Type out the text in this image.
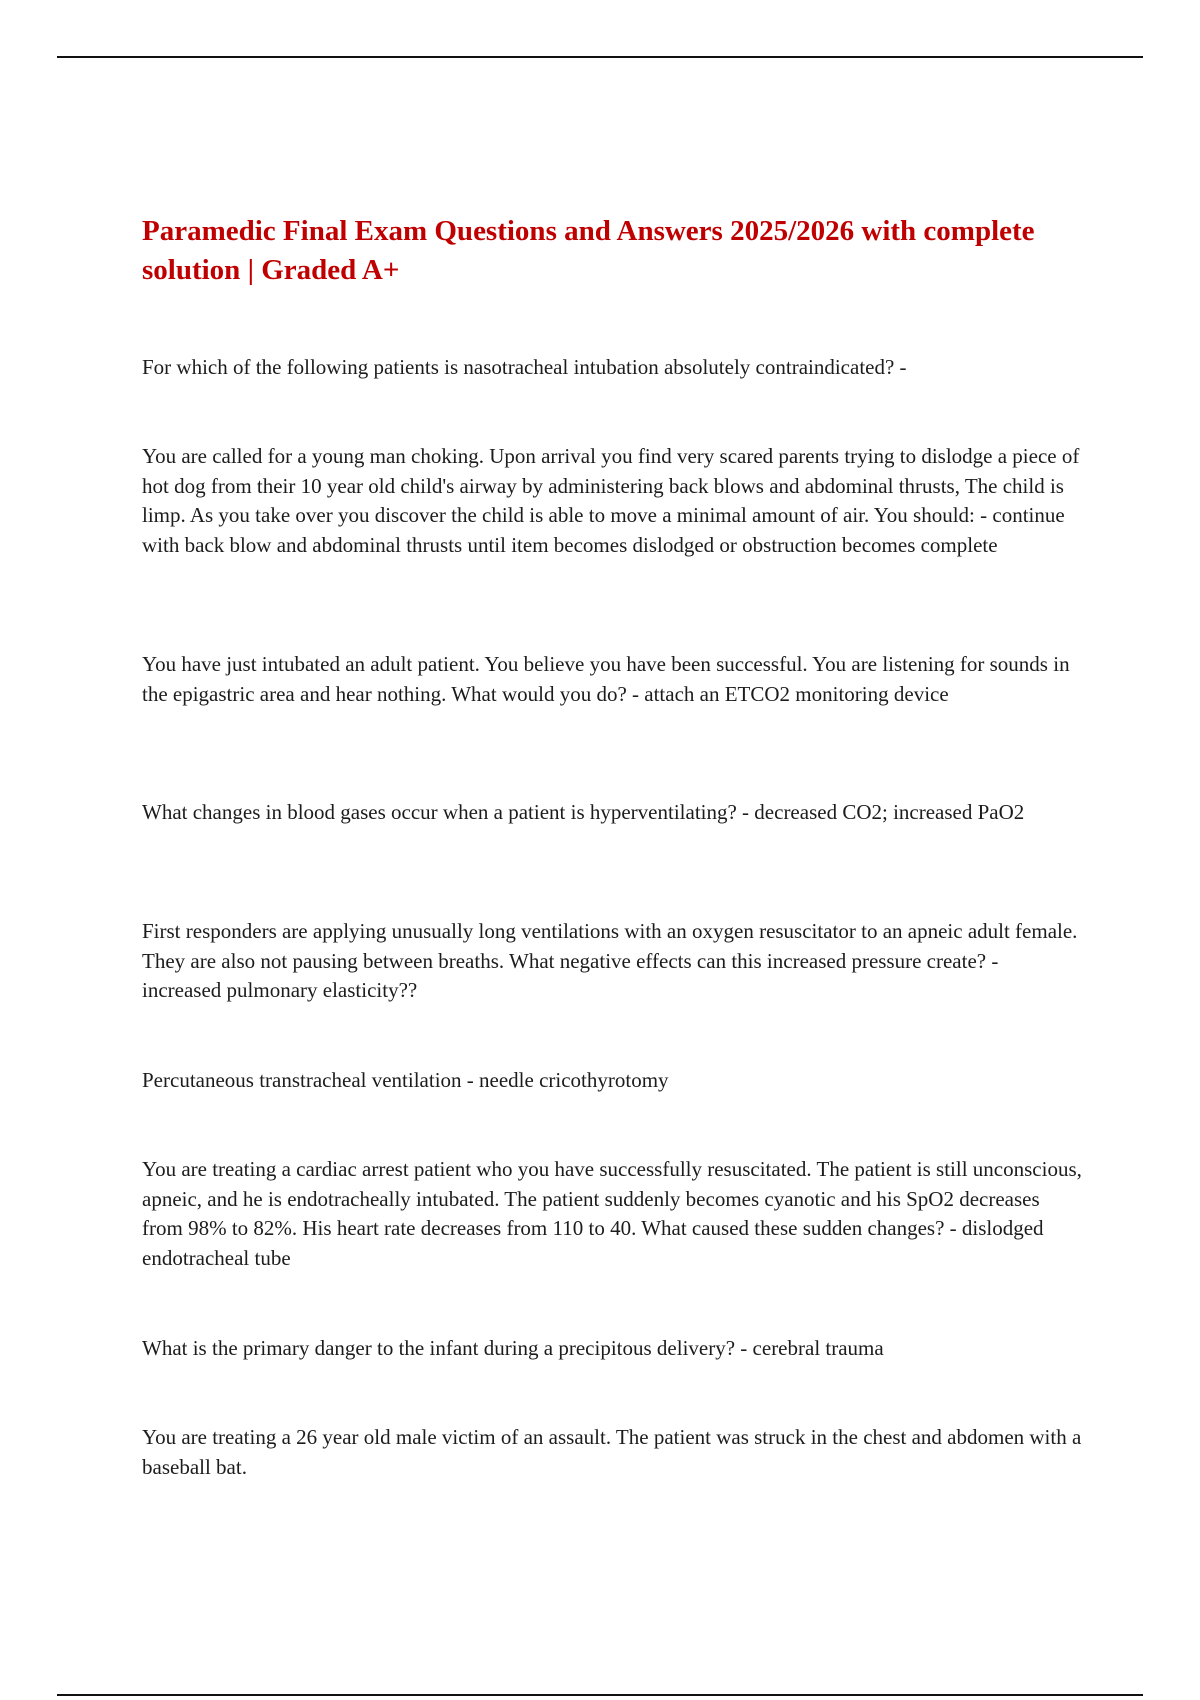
Paramedic Final Exam Questions and Answers 2025/2026 with complete solution | Graded A+

For which of the following patients is nasotracheal intubation absolutely contraindicated? -

You are called for a young man choking. Upon arrival you find very scared parents trying to dislodge a piece of hot dog from their 10 year old child's airway by administering back blows and abdominal thrusts, The child is limp. As you take over you discover the child is able to move a minimal amount of air. You should: - continue with back blow and abdominal thrusts until item becomes dislodged or obstruction becomes complete

You have just intubated an adult patient. You believe you have been successful. You are listening for sounds in the epigastric area and hear nothing. What would you do? - attach an ETCO2 monitoring device

What changes in blood gases occur when a patient is hyperventilating? - decreased CO2; increased PaO2

First responders are applying unusually long ventilations with an oxygen resuscitator to an apneic adult female. They are also not pausing between breaths. What negative effects can this increased pressure create? - increased pulmonary elasticity??

Percutaneous transtracheal ventilation - needle cricothyrotomy

You are treating a cardiac arrest patient who you have successfully resuscitated. The patient is still unconscious, apneic, and he is endotracheally intubated. The patient suddenly becomes cyanotic and his SpO2 decreases from 98% to 82%. His heart rate decreases from 110 to 40. What caused these sudden changes? - dislodged endotracheal tube

What is the primary danger to the infant during a precipitous delivery? - cerebral trauma

You are treating a 26 year old male victim of an assault. The patient was struck in the chest and abdomen with a baseball bat.
